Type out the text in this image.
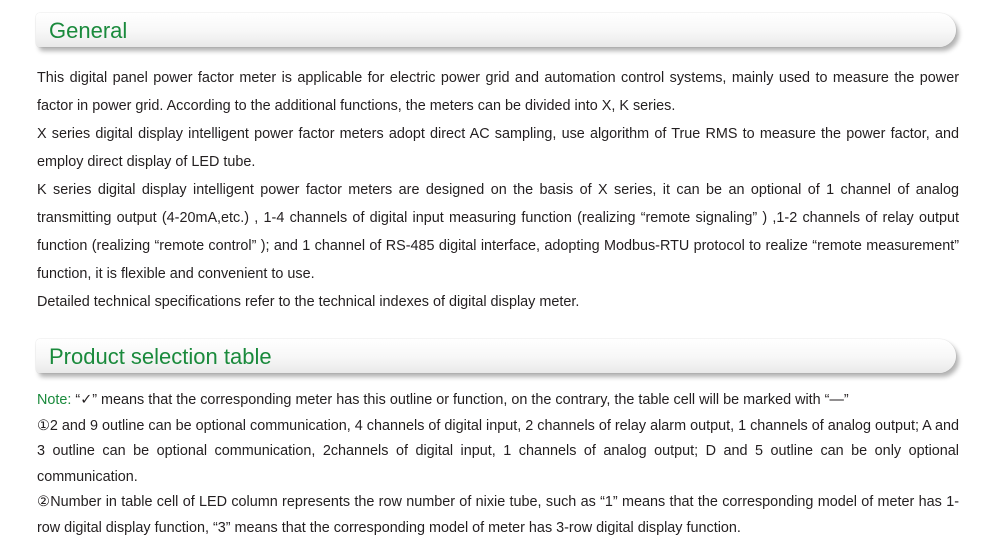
General

This digital panel power factor meter is applicable for electric power grid and automation control systems, mainly used to measure the power factor in power grid. According to the additional functions, the meters can be divided into X, K series.

X series digital display intelligent power factor meters adopt direct AC sampling, use algorithm of True RMS to measure the power factor, and employ direct display of LED tube.

K series digital display intelligent power factor meters are designed on the basis of X series, it can be an optional of 1 channel of analog transmitting output (4-20mA,etc.) , 1-4 channels of digital input measuring function (realizing “remote signaling” ) ,1-2 channels of relay output function (realizing “remote control” ); and 1 channel of RS-485 digital interface, adopting Modbus-RTU protocol to realize “remote measurement” function, it is flexible and convenient to use.

Detailed technical specifications refer to the technical indexes of digital display meter.

Product selection table

Note: “✓” means that the corresponding meter has this outline or function, on the contrary, the table cell will be marked with “—”

①2 and 9 outline can be optional communication, 4 channels of digital input, 2 channels of relay alarm output, 1 channels of analog output; A and 3 outline can be optional communication, 2channels of digital input, 1 channels of analog output; D and 5 outline can be only optional communication.

②Number in table cell of LED column represents the row number of nixie tube, such as “1” means that the corresponding model of meter has 1-row digital display function, “3” means that the corresponding model of meter has 3-row digital display function.
